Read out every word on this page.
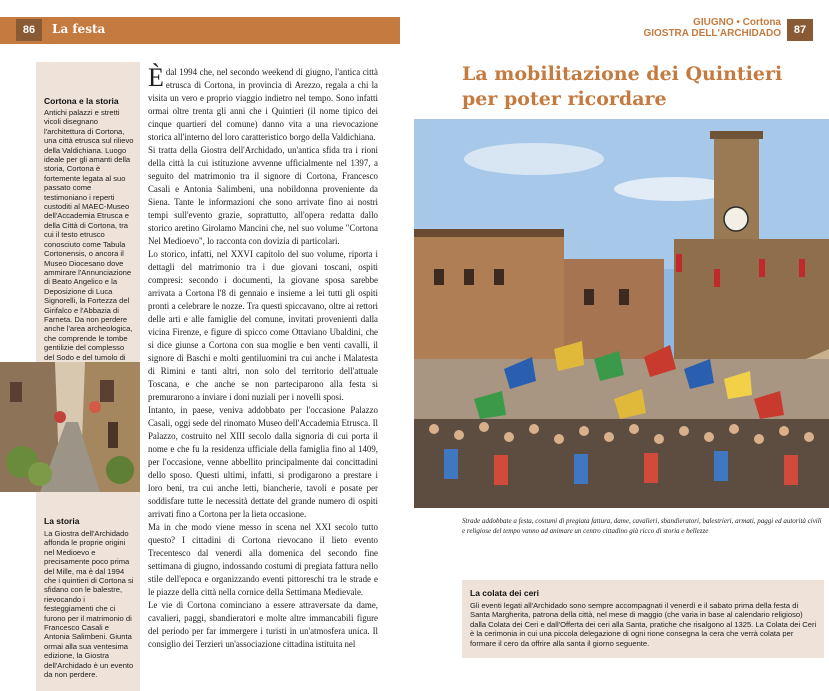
86	La festa	GIUGNO • Cortona
GIOSTRA DELL'ARCHIDADO	87
Cortona e la storia
Antichi palazzi e stretti vicoli disegnano l'architettura di Cortona, una città etrusca sul rilievo della Valdichiana. Luogo ideale per gli amanti della storia, Cortona è fortemente legata al suo passato come testimoniano i reperti custoditi al MAEC-Museo dell'Accademia Etrusca e della Città di Cortona, tra cui il testo etrusco conosciuto come Tabula Cortonensis, o ancora il Museo Diocesano dove ammirare l'Annunciazione di Beato Angelico e la Deposizione di Luca Signorelli, la Fortezza del Girifalco e l'Abbazia di Farneta. Da non perdere anche l'area archeologica, che comprende le tombe gentilizie del complesso del Sodo e del tumolo di
La storia
La Giostra dell'Archidado affonda le proprie origini nel Medioevo e precisamente poco prima del Mille, ma è dal 1994 che i quintieri di Cortona si sfidano con le balestre, rievocando i festeggiamenti che ci furono per il matrimonio di Francesco Casali e Antonia Salimbeni. Giunta ormai alla sua ventesima edizione, la Giostra dell'Archidado è un evento da non perdere.
È dal 1994 che, nel secondo weekend di giugno, l'antica città etrusca di Cortona, in provincia di Arezzo, regala a chi la visita un vero e proprio viaggio indietro nel tempo. Sono infatti ormai oltre trenta gli anni che i Quintieri (il nome tipico dei cinque quartieri del comune) danno vita a una rievocazione storica all'interno del loro caratteristico borgo della Valdichiana.

Si tratta della Giostra dell'Archidado, un'antica sfida tra i rioni della città la cui istituzione avvenne ufficialmente nel 1397, a seguito del matrimonio tra il signore di Cortona, Francesco Casali e Antonia Salimbeni, una nobildonna proveniente da Siena. Tante le informazioni che sono arrivate fino ai nostri tempi sull'evento grazie, soprattutto, all'opera redatta dallo storico aretino Girolamo Mancini che, nel suo volume "Cortona Nel Medioevo", lo racconta con dovizia di particolari.

Lo storico, infatti, nel XXVI capitolo del suo volume, riporta i dettagli del matrimonio tra i due giovani toscani, ospiti compresi: secondo i documenti, la giovane sposa sarebbe arrivata a Cortona l'8 di gennaio e insieme a lei tutti gli ospiti pronti a celebrare le nozze. Tra questi spiccavano, oltre ai rettori delle arti e alle famiglie del comune, invitati provenienti dalla vicina Firenze, e figure di spicco come Ottaviano Ubaldini, che si dice giunse a Cortona con sua moglie e ben venti cavalli, il signore di Baschi e molti gentiluomini tra cui anche i Malatesta di Rimini e tanti altri, non solo del territorio dell'attuale Toscana, e che anche se non parteciparono alla festa si premurarono a inviare i doni nuziali per i novelli sposi.

Intanto, in paese, veniva addobbato per l'occasione Palazzo Casali, oggi sede del rinomato Museo dell'Accademia Etrusca. Il Palazzo, costruito nel XIII secolo dalla signoria di cui porta il nome e che fu la residenza ufficiale della famiglia fino al 1409, per l'occasione, venne abbellito principalmente dai concittadini dello sposo. Questi ultimi, infatti, si prodigarono a prestare i loro beni, tra cui anche letti, biancherie, tavoli e posate per soddisfare tutte le necessità dettate del grande numero di ospiti arrivati fino a Cortona per la lieta occasione.

Ma in che modo viene messo in scena nel XXI secolo tutto questo? I cittadini di Cortona rievocano il lieto evento Trecentesco dal venerdì alla domenica del secondo fine settimana di giugno, indossando costumi di pregiata fattura nello stile dell'epoca e organizzando eventi pittoreschi tra le strade e le piazze della città nella cornice della Settimana Medievale.

Le vie di Cortona cominciano a essere attraversate da dame, cavalieri, paggi, sbandieratori e molte altre immancabili figure del periodo per far immergere i turisti in un'atmosfera unica. Il consiglio dei Terzieri un'associazione cittadina istituita nel

La mobilitazione dei Quintieri per poter ricordare
Strade addobbate a festa, costumi di pregiata fattura, dame, cavalieri, sbandieratori, balestrieri, armati, paggi ed autorità civili e religiose del tempo vanno ad animare un centro cittadino già ricco di storia e bellezze
La colata dei ceri
Gli eventi legati all'Archidado sono sempre accompagnati il venerdì e il sabato prima della festa di Santa Margherita, patrona della città, nel mese di maggio (che varia in base al calendario religioso) dalla Colata dei Ceri e dall'Offerta dei ceri alla Santa, pratiche che risalgono al 1325. La Colata dei Ceri è la cerimonia in cui una piccola delegazione di ogni rione consegna la cera che verrà colata per formare il cero da offrire alla santa il giorno seguente.
